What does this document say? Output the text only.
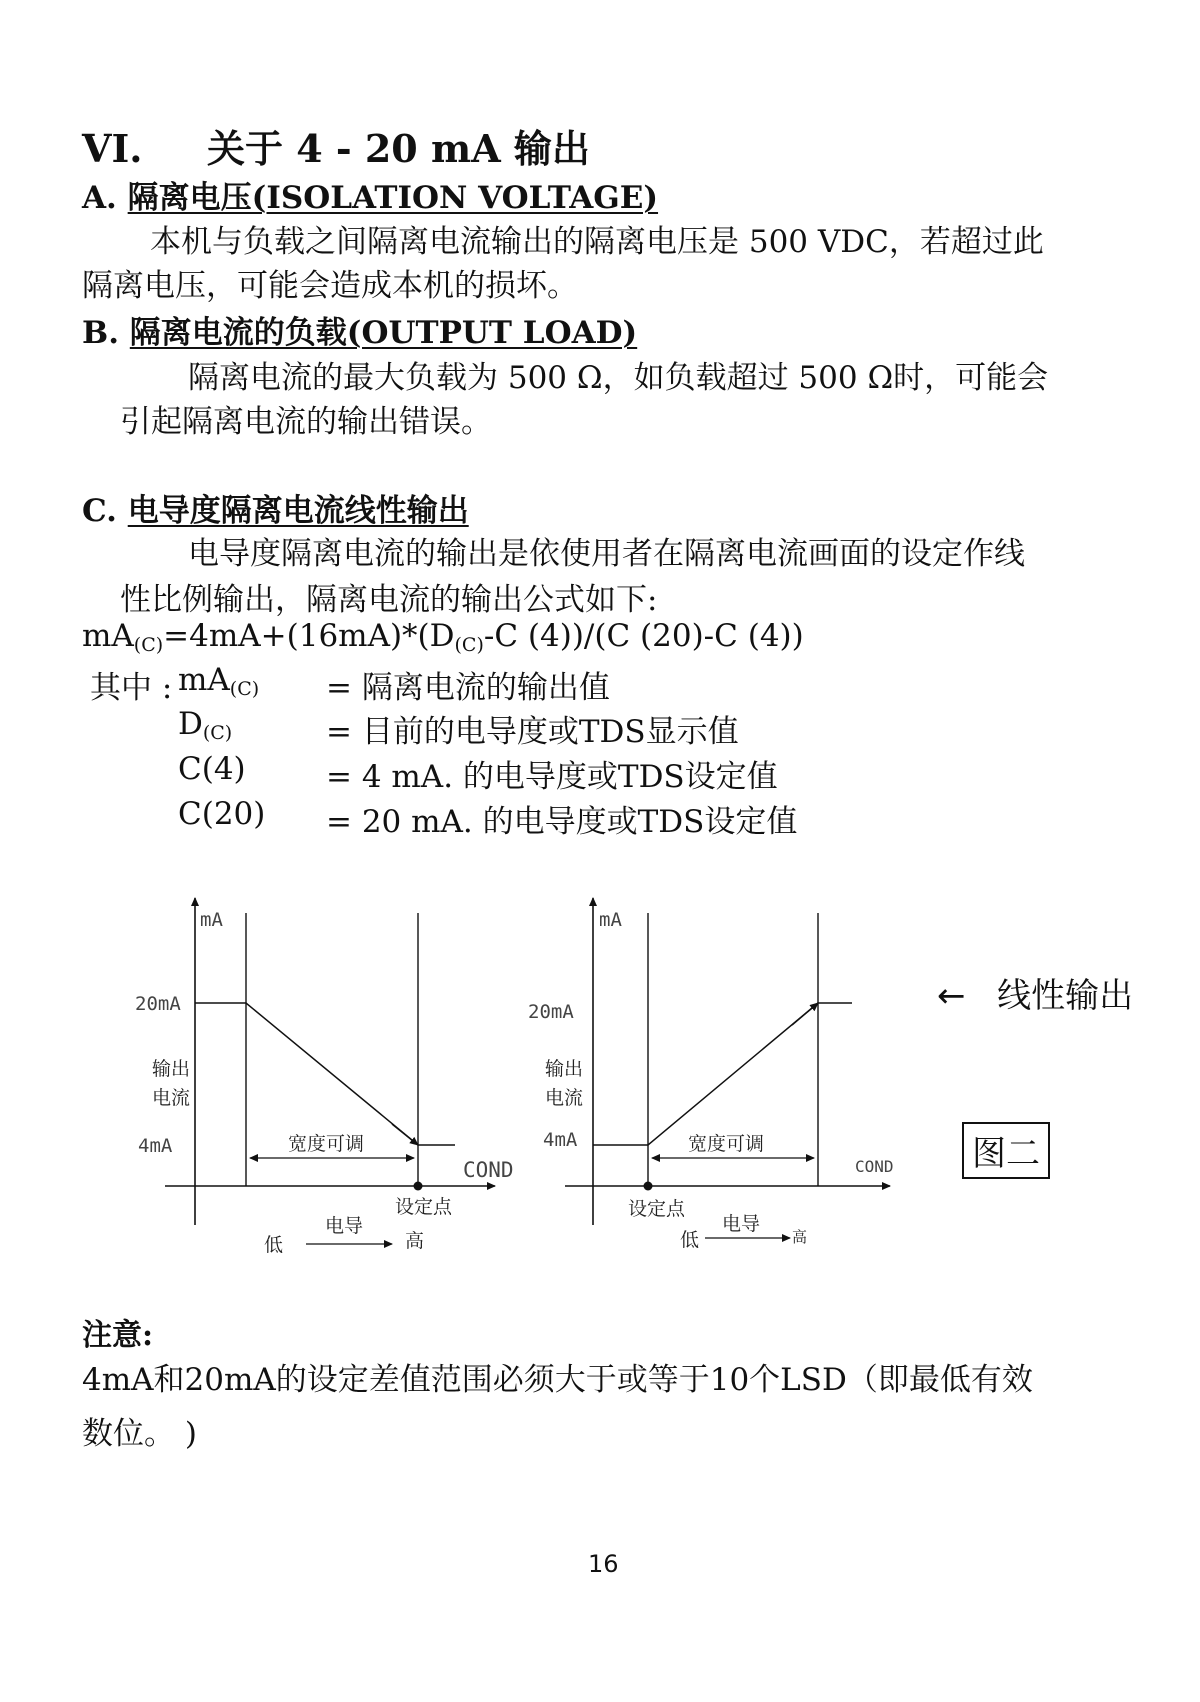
VI. 关于 4 - 20 mA 输出
A. 隔离电压(ISOLATION VOLTAGE)
本机与负载之间隔离电流输出的隔离电压是 500 VDC，若超过此
隔离电压，可能会造成本机的损坏。
B. 隔离电流的负载(OUTPUT LOAD)
隔离电流的最大负载为 500 Ω，如负载超过 500 Ω时，可能会
引起隔离电流的输出错误。
C. 电导度隔离电流线性输出
电导度隔离电流的输出是依使用者在隔离电流画面的设定作线
性比例输出，隔离电流的输出公式如下:
$mA_{(C)}=4mA+(16mA)*(D_{(C)}-C$ (4))/(C (20)-C (4))
其中 : $mA_{(C)}$ = 隔离电流的输出值
$D_{(C)}$	= 目前的电导度或TDS显示值
C(4)	= 4 mA. 的电导度或TDS设定值
C(20) = 20 mA. 的电导度或TDS设定值
mA
20mA
4mA
输出
电流
宽度可调
COND
设定点
电导
低	高
mA
20mA
4mA
输出
电流
宽度可调
COND
设定点
电导
低	高
← 线性输出
图二
注意:
4mA和20mA的设定差值范围必须大于或等于10个LSD（即最低有效
数位。 )
16
